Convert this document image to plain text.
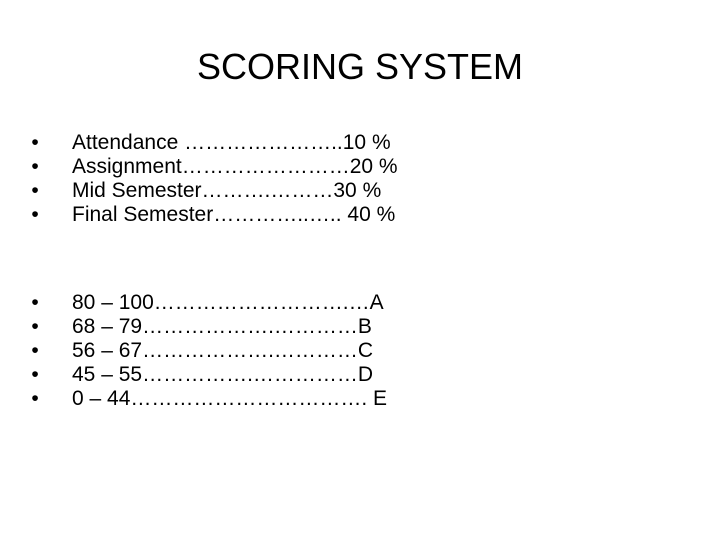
SCORING SYSTEM
• Attendance …………………..10 %
• Assignment……………………20 %
• Mid Semester……….………30 %
• Final Semester…………..….. 40 %
• 80 – 100……………………….…A
• 68 – 79……………….…………B
• 56 – 67……………….…………C
• 45 – 55…………….……………D
• 0 – 44……………………………. E
